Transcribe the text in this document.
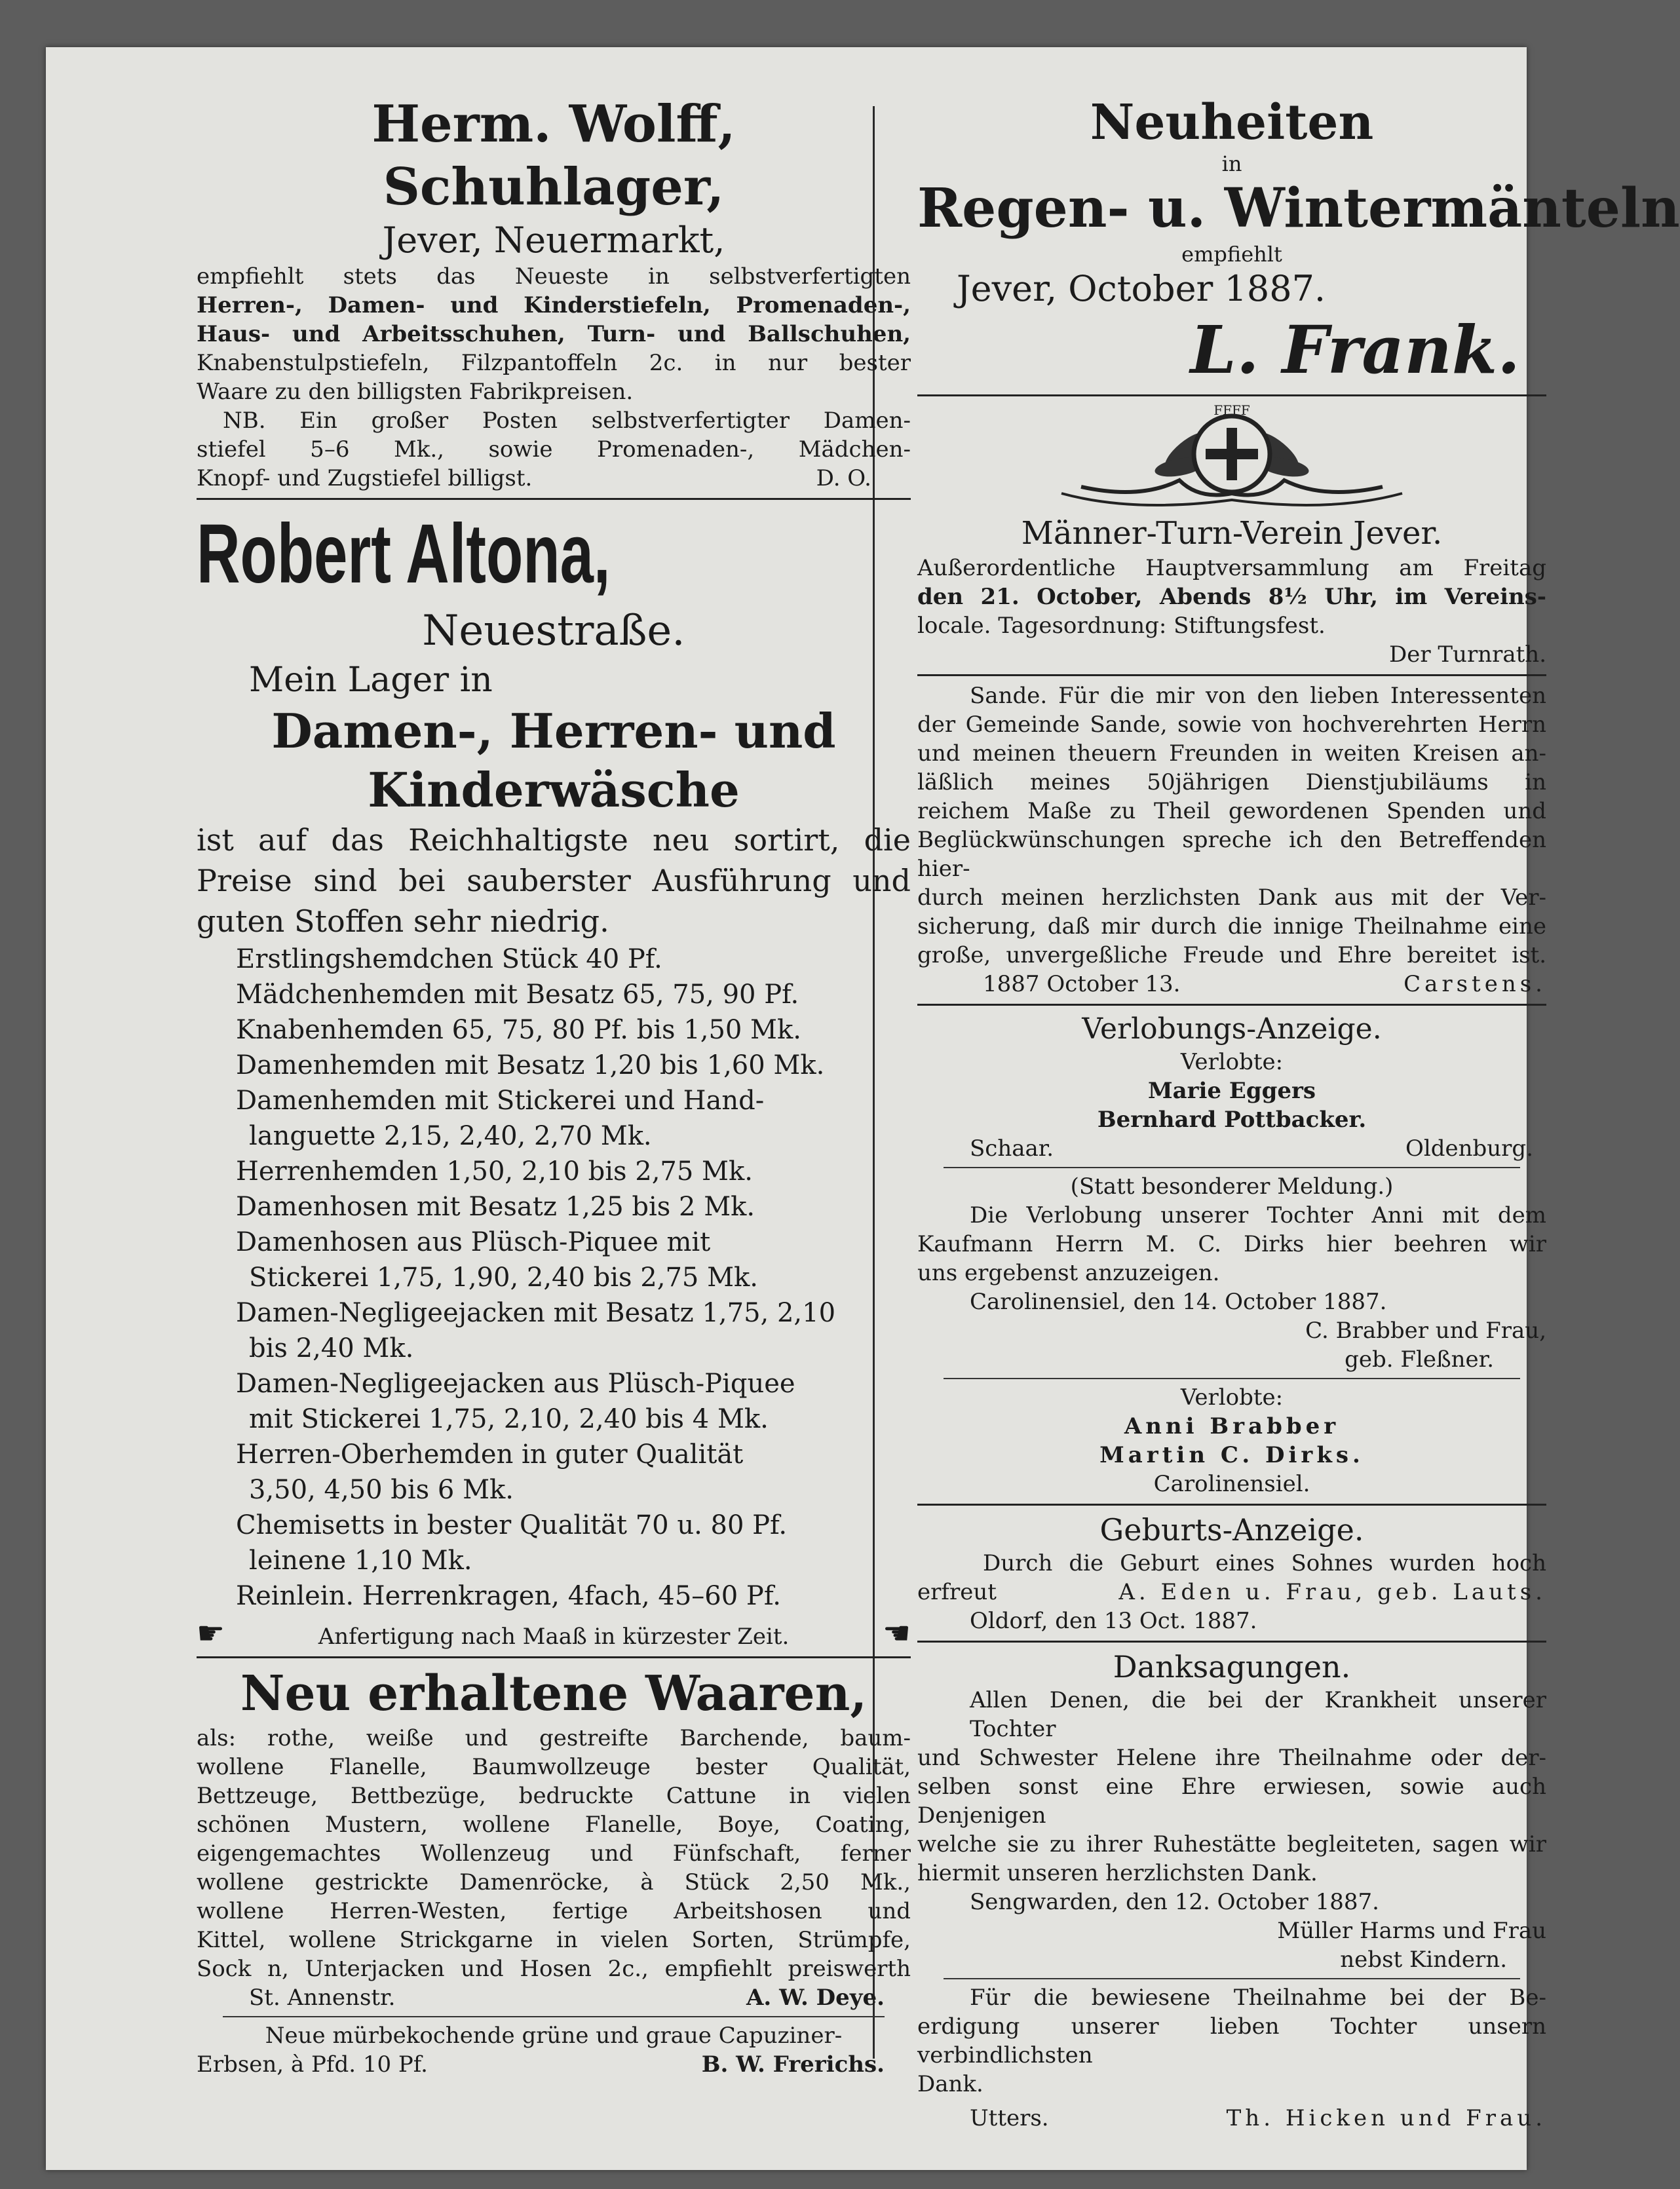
Herm. Wolff, Schuhlager,
Jever, Neuermarkt,
empfiehlt stets das Neueste in selbstverfertigten
Herren-, Damen- und Kinderstiefeln, Promenaden-,
Haus- und Arbeitsschuhen, Turn- und Ballschuhen,
Knabenstulpstiefeln, Filzpantoffeln 2c. in nur bester
Waare zu den billigsten Fabrikpreisen.
NB. Ein großer Posten selbstverfertigter Damen-
stiefel 5–6 Mk., sowie Promenaden-, Mädchen-
Knopf- und Zugstiefel billigst.	D. O.
Robert Altona,
Neuestraße.
Mein Lager in
Damen-, Herren- und
Kinderwäsche
ist auf das Reichhaltigste neu sortirt, die
Preise sind bei sauberster Ausführung und
guten Stoffen sehr niedrig.
Erstlingshemdchen Stück 40 Pf.
Mädchenhemden mit Besatz 65, 75, 90 Pf.
Knabenhemden 65, 75, 80 Pf. bis 1,50 Mk.
Damenhemden mit Besatz 1,20 bis 1,60 Mk.
Damenhemden mit Stickerei und Hand-
languette 2,15, 2,40, 2,70 Mk.
Herrenhemden 1,50, 2,10 bis 2,75 Mk.
Damenhosen mit Besatz 1,25 bis 2 Mk.
Damenhosen aus Plüsch-Piquee mit
Stickerei 1,75, 1,90, 2,40 bis 2,75 Mk.
Damen-Negligeejacken mit Besatz 1,75, 2,10
bis 2,40 Mk.
Damen-Negligeejacken aus Plüsch-Piquee
mit Stickerei 1,75, 2,10, 2,40 bis 4 Mk.
Herren-Oberhemden in guter Qualität
3,50, 4,50 bis 6 Mk.
Chemisetts in bester Qualität 70 u. 80 Pf.
leinene 1,10 Mk.
Reinlein. Herrenkragen, 4fach, 45–60 Pf.
☛	Anfertigung nach Maaß in kürzester Zeit.	☛
Neu erhaltene Waaren,
als: rothe, weiße und gestreifte Barchende, baum-
wollene Flanelle, Baumwollzeuge bester Qualität,
Bettzeuge, Bettbezüge, bedruckte Cattune in vielen
schönen Mustern, wollene Flanelle, Boye, Coating,
eigengemachtes Wollenzeug und Fünfschaft, ferner
wollene gestrickte Damenröcke, à Stück 2,50 Mk.,
wollene Herren-Westen, fertige Arbeitshosen und
Kittel, wollene Strickgarne in vielen Sorten, Strümpfe,
Sock n, Unterjacken und Hosen 2c., empfiehlt preiswerth
St. Annenstr.	A. W. Deye.
Neue mürbekochende grüne und graue Capuziner-
Erbsen, à Pfd. 10 Pf.	B. W. Frerichs.
Neuheiten
in
Regen- u. Wintermänteln
empfiehlt
Jever, October 1887.
L. Frank.
FFFF
Männer-Turn-Verein Jever.
Außerordentliche Hauptversammlung am Freitag
den 21. October, Abends 8½ Uhr, im Vereins-
locale. Tagesordnung: Stiftungsfest.
Der Turnrath.
Sande. Für die mir von den lieben Interessenten
der Gemeinde Sande, sowie von hochverehrten Herrn
und meinen theuern Freunden in weiten Kreisen an-
läßlich meines 50jährigen Dienstjubiläums in
reichem Maße zu Theil gewordenen Spenden und
Beglückwünschungen spreche ich den Betreffenden hier-
durch meinen herzlichsten Dank aus mit der Ver-
sicherung, daß mir durch die innige Theilnahme eine
große, unvergeßliche Freude und Ehre bereitet ist.
1887 October 13.	Carstens.
Verlobungs-Anzeige.
Verlobte:
Marie Eggers
Bernhard Pottbacker.
Schaar.	Oldenburg.
(Statt besonderer Meldung.)
Die Verlobung unserer Tochter Anni mit dem
Kaufmann Herrn M. C. Dirks hier beehren wir
uns ergebenst anzuzeigen.
Carolinensiel, den 14. October 1887.
C. Brabber und Frau,
geb. Fleßner.
Verlobte:
Anni Brabber
Martin C. Dirks.
Carolinensiel.
Geburts-Anzeige.
Durch die Geburt eines Sohnes wurden hoch
erfreut	A. Eden u. Frau, geb. Lauts.
Oldorf, den 13 Oct. 1887.
Danksagungen.
Allen Denen, die bei der Krankheit unserer Tochter
und Schwester Helene ihre Theilnahme oder der-
selben sonst eine Ehre erwiesen, sowie auch Denjenigen
welche sie zu ihrer Ruhestätte begleiteten, sagen wir
hiermit unseren herzlichsten Dank.
Sengwarden, den 12. October 1887.
Müller Harms und Frau
nebst Kindern.
Für die bewiesene Theilnahme bei der Be-
erdigung unserer lieben Tochter unsern verbindlichsten
Dank.
Utters.	Th. Hicken und Frau.
